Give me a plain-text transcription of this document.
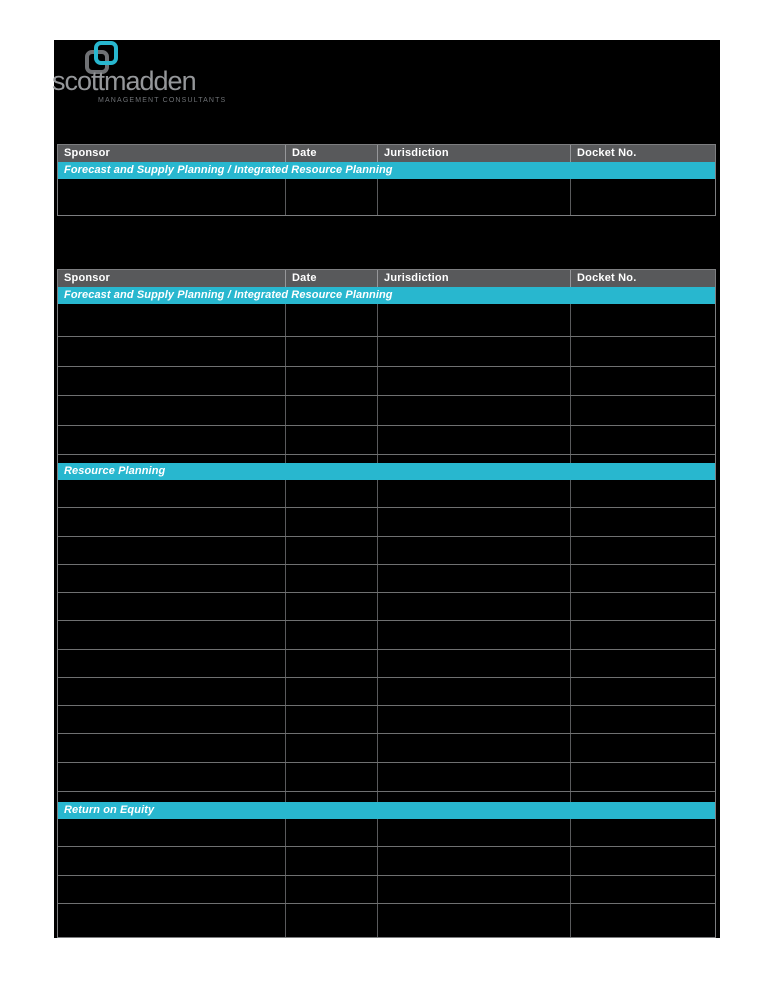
scottmadden
MANAGEMENT CONSULTANTS
Sponsor	Date	Jurisdiction	Docket No.
Forecast and Supply Planning / Integrated Resource Planning
Sponsor	Date	Jurisdiction	Docket No.
Forecast and Supply Planning / Integrated Resource Planning
Resource Planning
Return on Equity
